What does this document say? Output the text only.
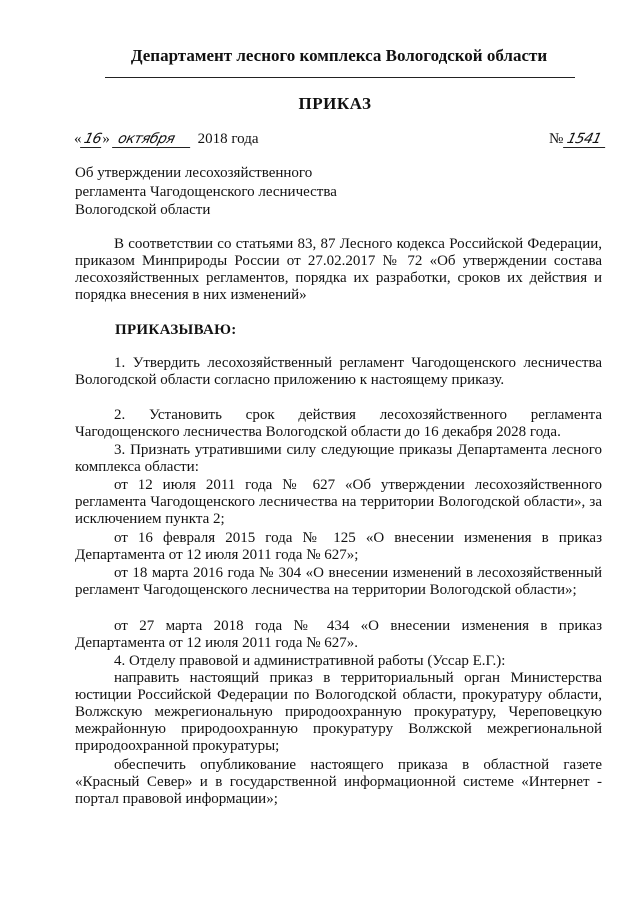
Департамент лесного комплекса Вологодской области
ПРИКАЗ
«16» октября 2018 года	№ 1541
Об утверждении лесохозяйственного регламента Чагодощенского лесничества Вологодской области
В соответствии со статьями 83, 87 Лесного кодекса Российской Федерации, приказом Минприроды России от 27.02.2017 № 72 «Об утверждении состава лесохозяйственных регламентов, порядка их разработки, сроков их действия и порядка внесения в них изменений»
ПРИКАЗЫВАЮ:
1. Утвердить лесохозяйственный регламент Чагодощенского лесничества Вологодской области согласно приложению к настоящему приказу.
2. Установить срок действия лесохозяйственного регламента Чагодощенского лесничества Вологодской области до 16 декабря 2028 года.
3. Признать утратившими силу следующие приказы Департамента лесного комплекса области:
от 12 июля 2011 года № 627 «Об утверждении лесохозяйственного регламента Чагодощенского лесничества на территории Вологодской области», за исключением пункта 2;
от 16 февраля 2015 года № 125 «О внесении изменения в приказ Департамента от 12 июля 2011 года № 627»;
от 18 марта 2016 года № 304 «О внесении изменений в лесохозяйственный регламент Чагодощенского лесничества на территории Вологодской области»;
от 27 марта 2018 года № 434 «О внесении изменения в приказ Департамента от 12 июля 2011 года № 627».
4. Отделу правовой и административной работы (Уссар Е.Г.):
направить настоящий приказ в территориальный орган Министерства юстиции Российской Федерации по Вологодской области, прокуратуру области, Волжскую межрегиональную природоохранную прокуратуру, Череповецкую межрайонную природоохранную прокуратуру Волжской межрегиональной природоохранной прокуратуры;
обеспечить опубликование настоящего приказа в областной газете «Красный Север» и в государственной информационной системе «Интернет - портал правовой информации»;
